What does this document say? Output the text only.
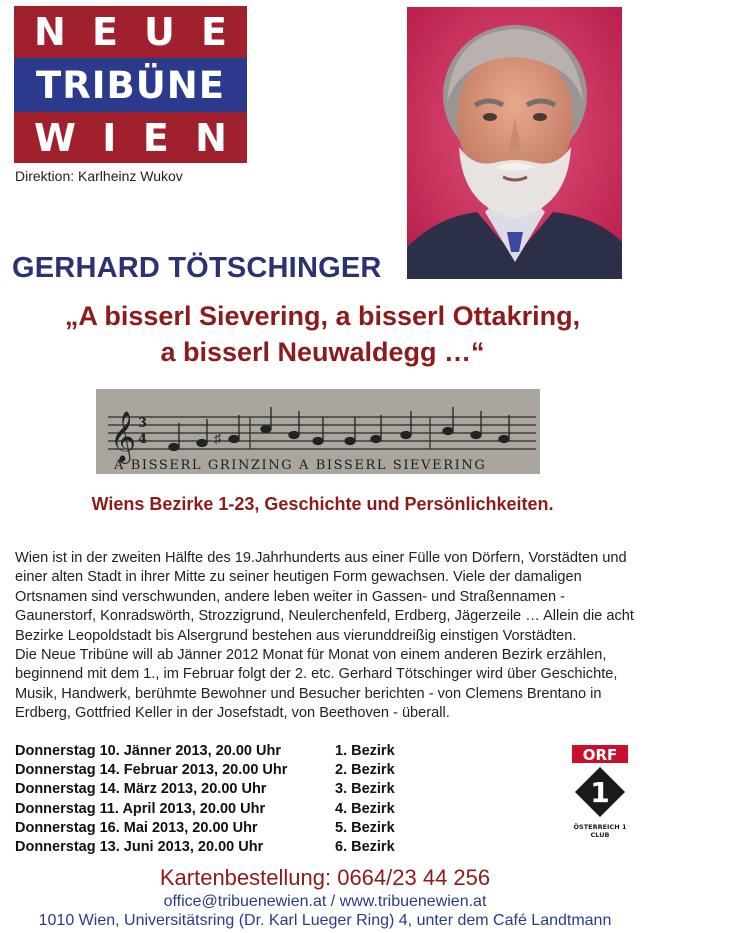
N E U E
TRIBÜNE
W I E N
Direktion: Karlheinz Wukov
GERHARD TÖTSCHINGER
„A bisserl Sievering, a bisserl Ottakring,
a bisserl Neuwaldegg …“
𝄞 3
4	♯
A BISSERL GRINZING A BISSERL SIEVERING
Wiens Bezirke 1-23, Geschichte und Persönlichkeiten.

Wien ist in der zweiten Hälfte des 19.Jahrhunderts aus einer Fülle von Dörfern, Vorstädten und einer alten Stadt in ihrer Mitte zu seiner heutigen Form gewachsen. Viele der damaligen Ortsnamen sind verschwunden, andere leben weiter in Gassen- und Straßennamen - Gaunerstorf, Konradswörth, Strozzigrund, Neulerchenfeld, Erdberg, Jägerzeile … Allein die acht Bezirke Leopoldstadt bis Alsergrund bestehen aus vierunddreißig einstigen Vorstädten.

Die Neue Tribüne will ab Jänner 2012 Monat für Monat von einem anderen Bezirk erzählen, beginnend mit dem 1., im Februar folgt der 2. etc. Gerhard Tötschinger wird über Geschichte, Musik, Handwerk, berühmte Bewohner und Besucher berichten - von Clemens Brentano in Erdberg, Gottfried Keller in der Josefstadt, von Beethoven - überall.

Donnerstag 10. Jänner 2013, 20.00 Uhr	1. Bezirk
Donnerstag 14. Februar 2013, 20.00 Uhr	2. Bezirk
Donnerstag 14. März 2013, 20.00 Uhr	3. Bezirk
Donnerstag 11. April 2013, 20.00 Uhr	4. Bezirk
Donnerstag 16. Mai 2013, 20.00 Uhr	5. Bezirk
Donnerstag 13. Juni 2013, 20.00 Uhr	6. Bezirk
ORF
1
ÖSTERREICH 1
CLUB
Kartenbestellung: 0664/23 44 256
office@tribuenewien.at / www.tribuenewien.at
1010 Wien, Universitätsring (Dr. Karl Lueger Ring) 4, unter dem Café Landtmann
